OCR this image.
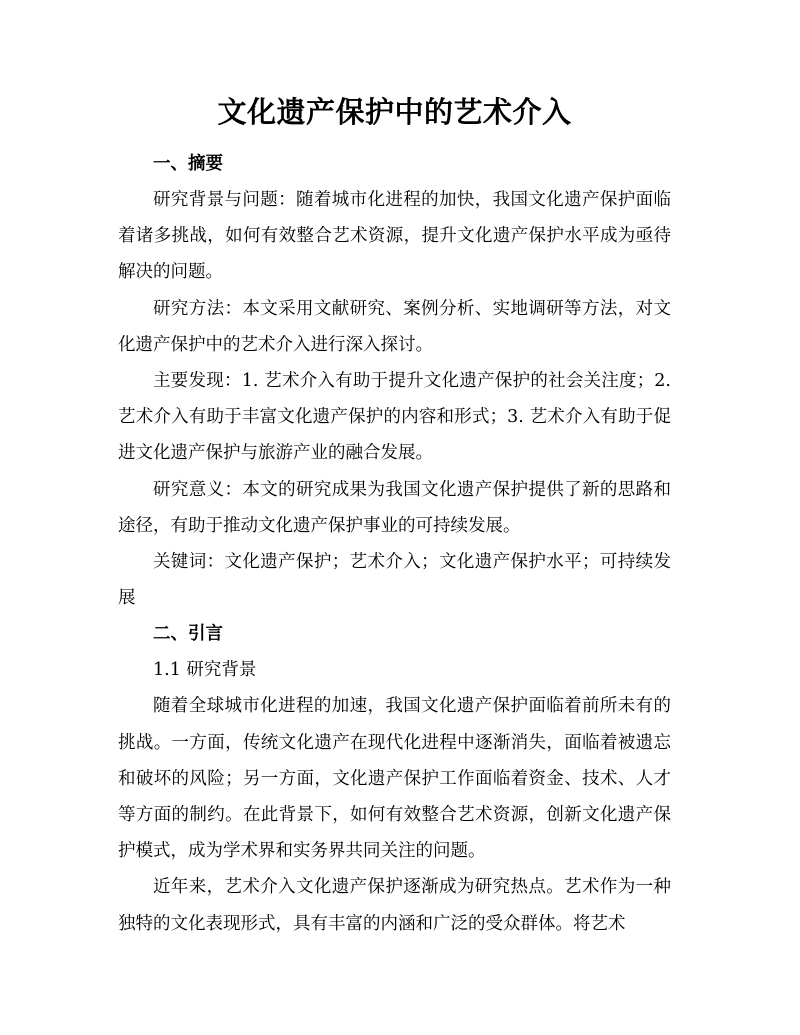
文化遗产保护中的艺术介入
一、摘要

研究背景与问题：随着城市化进程的加快，我国文化遗产保护面临着诸多挑战，如何有效整合艺术资源，提升文化遗产保护水平成为亟待解决的问题。

研究方法：本文采用文献研究、案例分析、实地调研等方法，对文化遗产保护中的艺术介入进行深入探讨。

主要发现：1. 艺术介入有助于提升文化遗产保护的社会关注度；2. 艺术介入有助于丰富文化遗产保护的内容和形式；3. 艺术介入有助于促进文化遗产保护与旅游产业的融合发展。

研究意义：本文的研究成果为我国文化遗产保护提供了新的思路和途径，有助于推动文化遗产保护事业的可持续发展。

关键词：文化遗产保护；艺术介入；文化遗产保护水平；可持续发展

二、引言
1.1 研究背景

随着全球城市化进程的加速，我国文化遗产保护面临着前所未有的挑战。一方面，传统文化遗产在现代化进程中逐渐消失，面临着被遗忘和破坏的风险；另一方面，文化遗产保护工作面临着资金、技术、人才等方面的制约。在此背景下，如何有效整合艺术资源，创新文化遗产保护模式，成为学术界和实务界共同关注的问题。

近年来，艺术介入文化遗产保护逐渐成为研究热点。艺术作为一种独特的文化表现形式，具有丰富的内涵和广泛的受众群体。将艺术
